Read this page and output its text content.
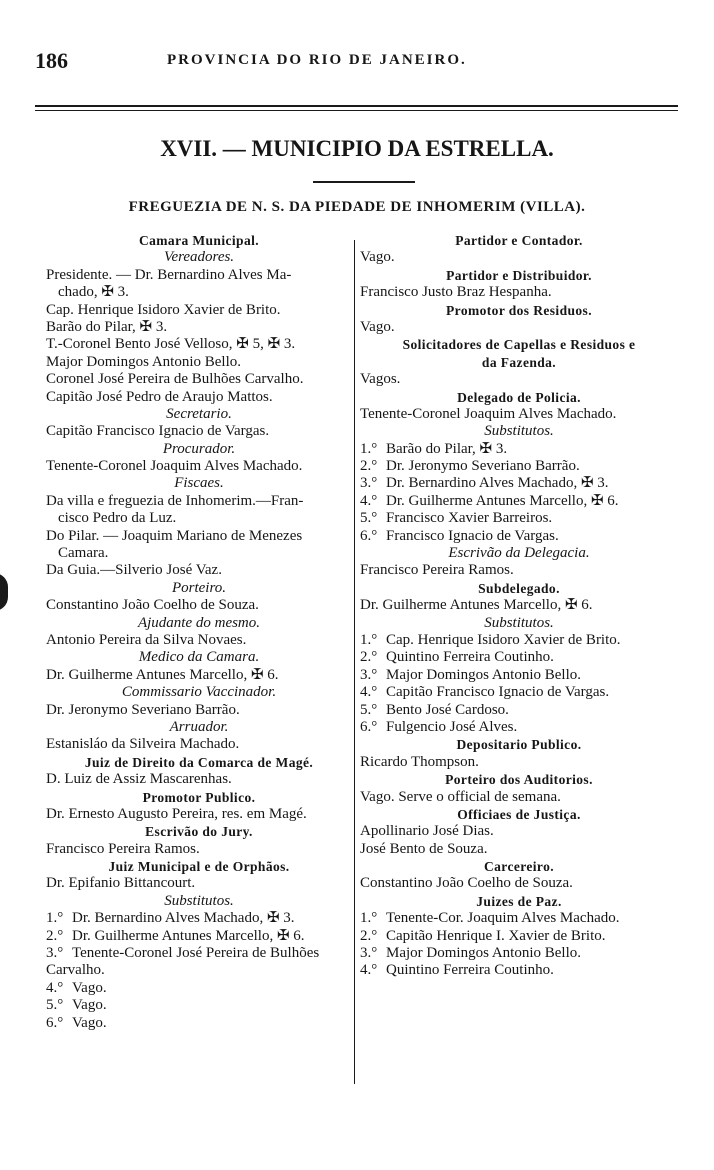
186	PROVINCIA DO RIO DE JANEIRO.
XVII. — MUNICIPIO DA ESTRELLA.
FREGUEZIA DE N. S. DA PIEDADE DE INHOMERIM (VILLA).
Camara Municipal.
Vereadores.
Presidente. — Dr. Bernardino Alves Ma-
chado, ✠ 3.
Cap. Henrique Isidoro Xavier de Brito.
Barão do Pilar, ✠ 3.
T.-Coronel Bento José Velloso, ✠ 5, ✠ 3.
Major Domingos Antonio Bello.
Coronel José Pereira de Bulhões Carvalho.
Capitão José Pedro de Araujo Mattos.
Secretario.
Capitão Francisco Ignacio de Vargas.
Procurador.
Tenente-Coronel Joaquim Alves Machado.
Fiscaes.
Da villa e freguezia de Inhomerim.—Fran-
cisco Pedro da Luz.
Do Pilar. — Joaquim Mariano de Menezes
Camara.
Da Guia.—Silverio José Vaz.
Porteiro.
Constantino João Coelho de Souza.
Ajudante do mesmo.
Antonio Pereira da Silva Novaes.
Medico da Camara.
Dr. Guilherme Antunes Marcello, ✠ 6.
Commissario Vaccinador.
Dr. Jeronymo Severiano Barrão.
Arruador.
Estanisláo da Silveira Machado.
Juiz de Direito da Comarca de Magé.
D. Luiz de Assiz Mascarenhas.
Promotor Publico.
Dr. Ernesto Augusto Pereira, res. em Magé.
Escrivão do Jury.
Francisco Pereira Ramos.
Juiz Municipal e de Orphãos.
Dr. Epifanio Bittancourt.
Substitutos.
1.° Dr. Bernardino Alves Machado, ✠ 3.
2.° Dr. Guilherme Antunes Marcello, ✠ 6.
3.° Tenente-Coronel José Pereira de Bulhões
Carvalho.
4.° Vago.
5.° Vago.
6.° Vago.
Partidor e Contador.
Vago.
Partidor e Distribuidor.
Francisco Justo Braz Hespanha.
Promotor dos Residuos.
Vago.
Solicitadores de Capellas e Residuos e
da Fazenda.
Vagos.
Delegado de Policia.
Tenente-Coronel Joaquim Alves Machado.
Substitutos.
1.° Barão do Pilar, ✠ 3.
2.° Dr. Jeronymo Severiano Barrão.
3.° Dr. Bernardino Alves Machado, ✠ 3.
4.° Dr. Guilherme Antunes Marcello, ✠ 6.
5.° Francisco Xavier Barreiros.
6.° Francisco Ignacio de Vargas.
Escrivão da Delegacia.
Francisco Pereira Ramos.
Subdelegado.
Dr. Guilherme Antunes Marcello, ✠ 6.
Substitutos.
1.° Cap. Henrique Isidoro Xavier de Brito.
2.° Quintino Ferreira Coutinho.
3.° Major Domingos Antonio Bello.
4.° Capitão Francisco Ignacio de Vargas.
5.° Bento José Cardoso.
6.° Fulgencio José Alves.
Depositario Publico.
Ricardo Thompson.
Porteiro dos Auditorios.
Vago. Serve o official de semana.
Officiaes de Justiça.
Apollinario José Dias.
José Bento de Souza.
Carcereiro.
Constantino João Coelho de Souza.
Juizes de Paz.
1.° Tenente-Cor. Joaquim Alves Machado.
2.° Capitão Henrique I. Xavier de Brito.
3.° Major Domingos Antonio Bello.
4.° Quintino Ferreira Coutinho.
